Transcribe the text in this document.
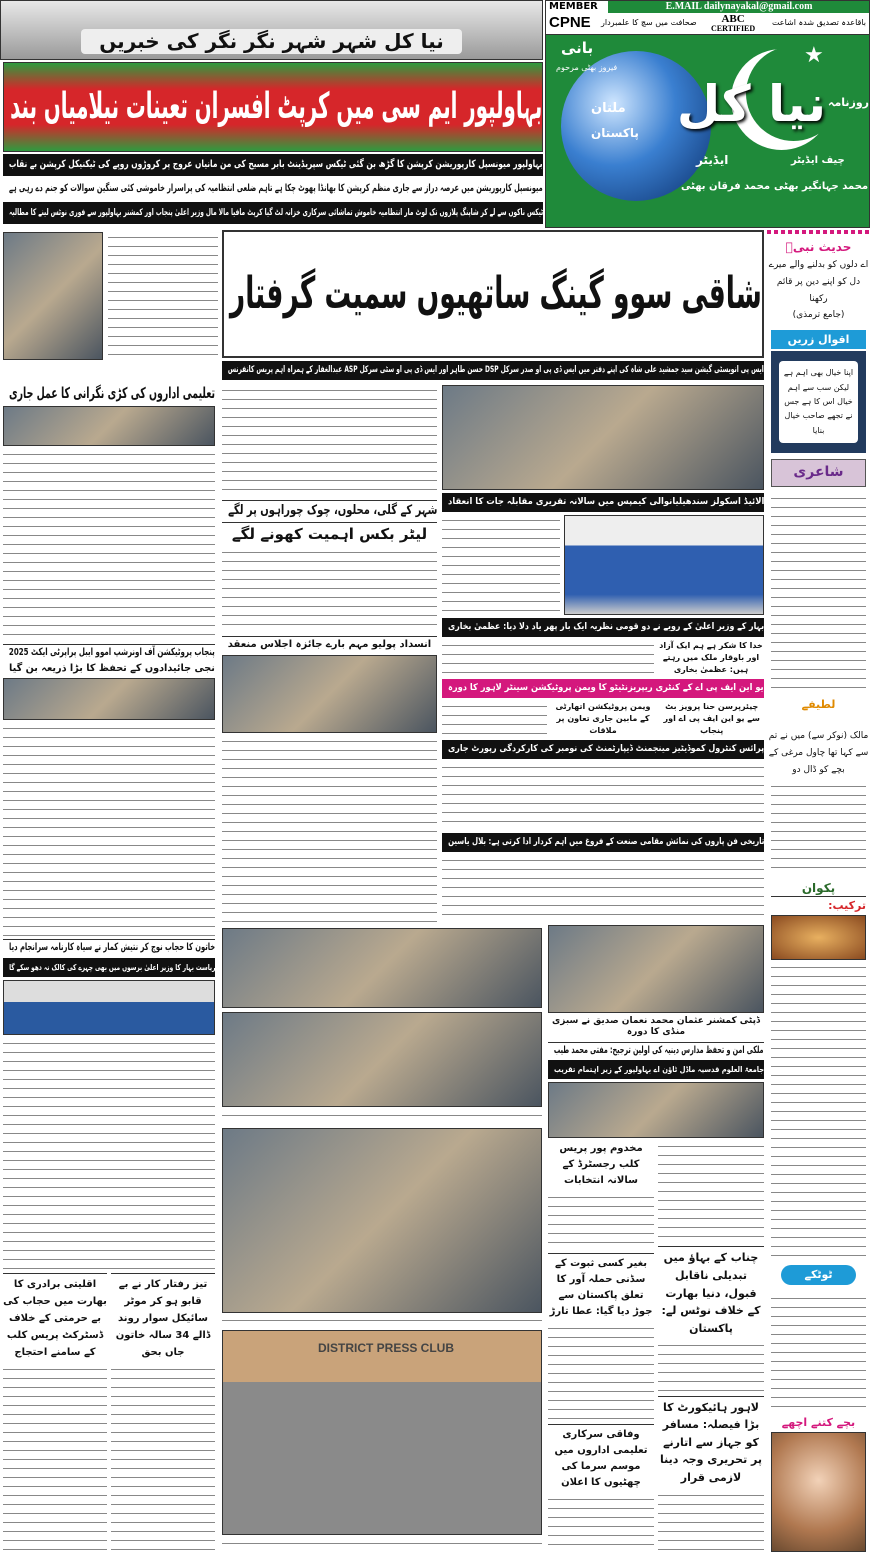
نیا کل شہر شہر نگر نگر کی خبریں
MEMBER
CPNE
E.MAIL dailynayakal@gmail.com
صحافت میں سچ کا علمبردار	ABC
CERTIFIED
باقاعدہ تصدیق شدہ اشاعت
★
بانی
فیروز بھٹی مرحوم
ملتان
پاکستان نیا کل روزنامہ
ایڈیٹر
محمد فرقان بھٹی
چیف ایڈیٹر
محمد جہانگیر بھٹی
بہاولپور ایم سی میں کرپٹ افسران تعینات نیلامیاں بند
بہاولپور میونسپل کارپوریشن کرپشن کا گڑھ بن گئی ٹیکس سپریڈینٹ بابر مسیح کی من مانیاں عروج پر کروڑوں روپے کی ٹیکنیکل کرپشن بے نقاب
میونسپل کارپوریشن میں عرصہ دراز سے جاری منظم کرپشن کا بھانڈا پھوٹ چکا ہے تاہم ضلعی انتظامیہ کی پراسرار خاموشی کئی سنگین سوالات کو جنم دے رہی ہے
ٹیکس ناکوں سے لے کر شاپنگ پلازوں تک لوٹ مار انتظامیہ خاموش تماشائی سرکاری خزانہ لٹ گیا کرپٹ مافیا مالا مال وزیر اعلیٰ پنجاب اور کمشنر بہاولپور سے فوری نوٹس لینے کا مطالبہ
شاقی سوو گینگ ساتھیوں سمیت گرفتار
ایس پی انویسٹی گیشن سید جمشید علی شاہ کی اپنے دفتر میں ایس ڈی پی او صدر سرکل DSP حسن طاہر اور ایس ڈی پی او سٹی سرکل ASP عبدالغفار کے ہمراہ اہم پریس کانفرنس
تعلیمی اداروں کی کڑی نگرانی کا عمل جاری
پنجاب پروٹیکشن آف اونرشپ اموو ایبل پراپرٹی ایکٹ 2025
نجی جائیدادوں کے تحفظ کا بڑا ذریعہ بن گیا
خاتون کا حجاب نوچ کر نتیش کمار نے سیاہ کارنامہ سرانجام دیا
ریاست بہار کا وزیر اعلیٰ برسوں میں بھی چہرے کی کالک نہ دھو سکے گا
اقلیتی برادری کا بھارت میں حجاب کی بے حرمتی کے خلاف ڈسٹرکٹ پریس کلب کے سامنے احتجاج
تیز رفتار کار نے بے قابو ہو کر موٹر سائیکل سوار روند ڈالے 34 سالہ خاتون جاں بحق
شہر کے گلی، محلوں، چوک چوراہوں پر لگے
لیٹر بکس اہمیت کھونے لگے
انسداد پولیو مہم بارے جائزہ اجلاس منعقد
الائیڈ اسکولز سندھیلیانوالی کیمپس میں سالانہ تقریری مقابلہ جات کا انعقاد
بہار کے وزیر اعلیٰ کے رویے نے دو قومی نظریہ ایک بار پھر یاد دلا دیا: عظمیٰ بخاری
خدا کا شکر ہے ہم ایک آزاد اور باوقار ملک میں رہتے ہیں: عظمیٰ بخاری
یو این ایف پی اے کے کنٹری ریپریزنٹیٹو کا ویمن پروٹیکشن سینٹر لاہور کا دورہ
ویمن پروٹیکشن اتھارٹی کے مابین جاری تعاون پر ملاقات
چیئرپرسن حنا پرویز بٹ سے یو این ایف پی اے اور پنجاب
پرائس کنٹرول کموڈیٹیز مینجمنٹ ڈیپارٹمنٹ کی نومبر کی کارکردگی رپورٹ جاری
تاریخی فن پاروں کی نمائش مقامی صنعت کے فروغ میں اہم کردار ادا کرتی ہے: بلال یاسین
DISTRICT PRESS CLUB
ڈپٹی کمشنر عثمان محمد نعمان صدیق نے سبزی منڈی کا دورہ
ملکی امن و تحفظ مدارس دینیہ کی اولین ترجیح: مفتی محمد طیب
جامعۃ العلوم قدسیہ ماڈل ٹاؤن اے بہاولپور کے زیر اہتمام تقریب
مخدوم پور پریس کلب رجسٹرڈ کے سالانہ انتخابات
بغیر کسی ثبوت کے سڈنی حملہ آور کا تعلق پاکستان سے جوڑ دیا گیا: عطا تارڑ
وفاقی سرکاری تعلیمی اداروں میں موسم سرما کی چھٹیوں کا اعلان
چناب کے بہاؤ میں تبدیلی ناقابل قبول، دنیا بھارت کے خلاف نوٹس لے: پاکستان
لاہور ہائیکورٹ کا بڑا فیصلہ: مسافر کو جہاز سے اتارنے پر تحریری وجہ دینا لازمی قرار
حدیث نبیؐ
اے دلوں کو بدلنے والے میرے دل کو اپنے دین پر قائم رکھنا
(جامع ترمذی)
اقوال زریں
اپنا خیال بھی اہم ہے لیکن سب سے اہم خیال اس کا ہے جس نے تجھے صاحب خیال بنایا
شاعری
لطیفے
مالک (نوکر سے) میں نے تم سے کہا تھا چاول مرغی کے بچے کو ڈال دو
پکوان
ترکیب:
ٹوٹکے
بچے کتنے اچھے
